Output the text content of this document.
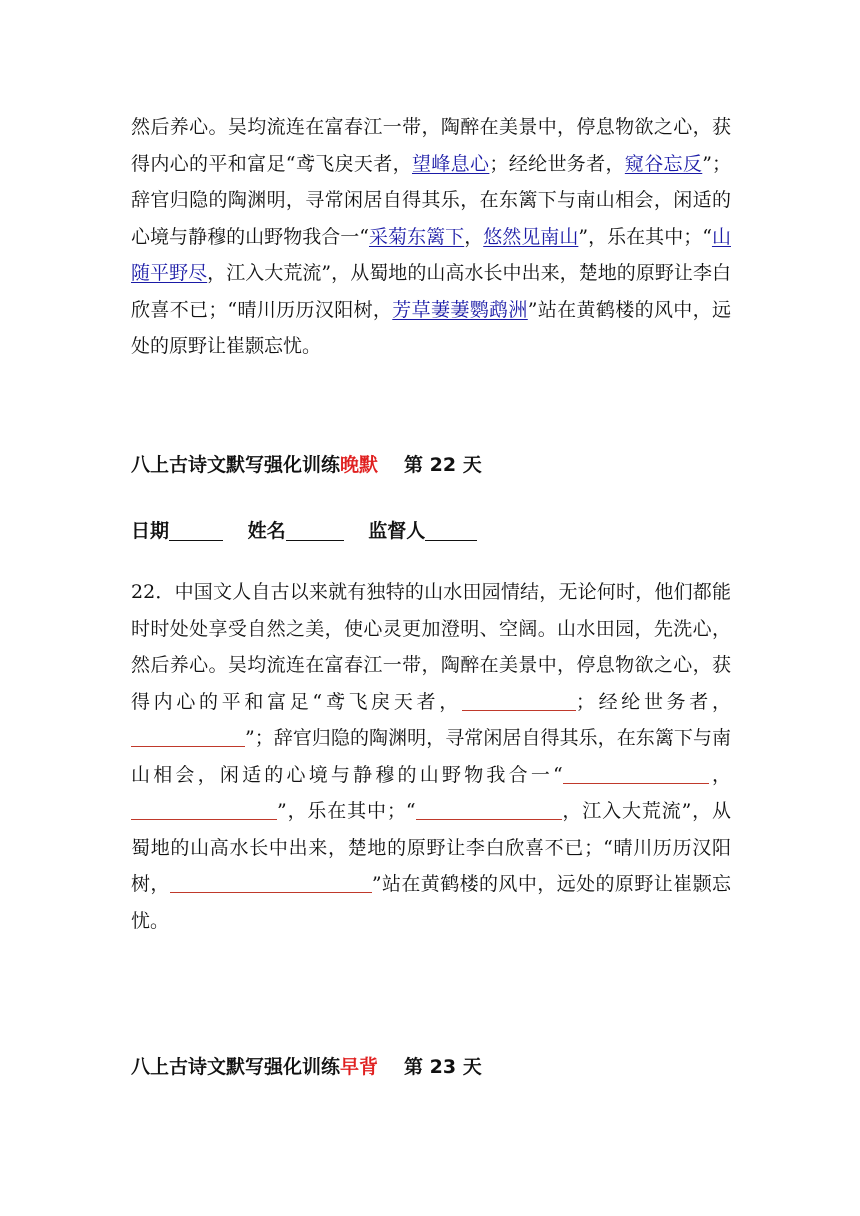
然后养心。吴均流连在富春江一带，陶醉在美景中，停息物欲之心，获得内心的平和富足“鸢飞戾天者，望峰息心；经纶世务者，窥谷忘反”；辞官归隐的陶渊明，寻常闲居自得其乐，在东篱下与南山相会，闲适的心境与静穆的山野物我合一“采菊东篱下，悠然见南山”，乐在其中；“山随平野尽，江入大荒流”，从蜀地的山高水长中出来，楚地的原野让李白欣喜不已；“晴川历历汉阳树，芳草萋萋鹦鹉洲”站在黄鹤楼的风中，远处的原野让崔颢忘忧。

八上古诗文默写强化训练晚默 第 22 天
日期	姓名	监督人

22．中国文人自古以来就有独特的山水田园情结，无论何时，他们都能时时处处享受自然之美，使心灵更加澄明、空阔。山水田园，先洗心，然后养心。吴均流连在富春江一带，陶醉在美景中，停息物欲之心，获得内心的平和富足“鸢飞戾天者，	；经纶世务者，”；辞官归隐的陶渊明，寻常闲居自得其乐，在东篱下与南山相会，闲适的心境与静穆的山野物我合一“	，”，乐在其中；“	，江入大荒流”，从蜀地的山高水长中出来，楚地的原野让李白欣喜不已；“晴川历历汉阳树，	”站在黄鹤楼的风中，远处的原野让崔颢忘忧。

八上古诗文默写强化训练早背 第 23 天
